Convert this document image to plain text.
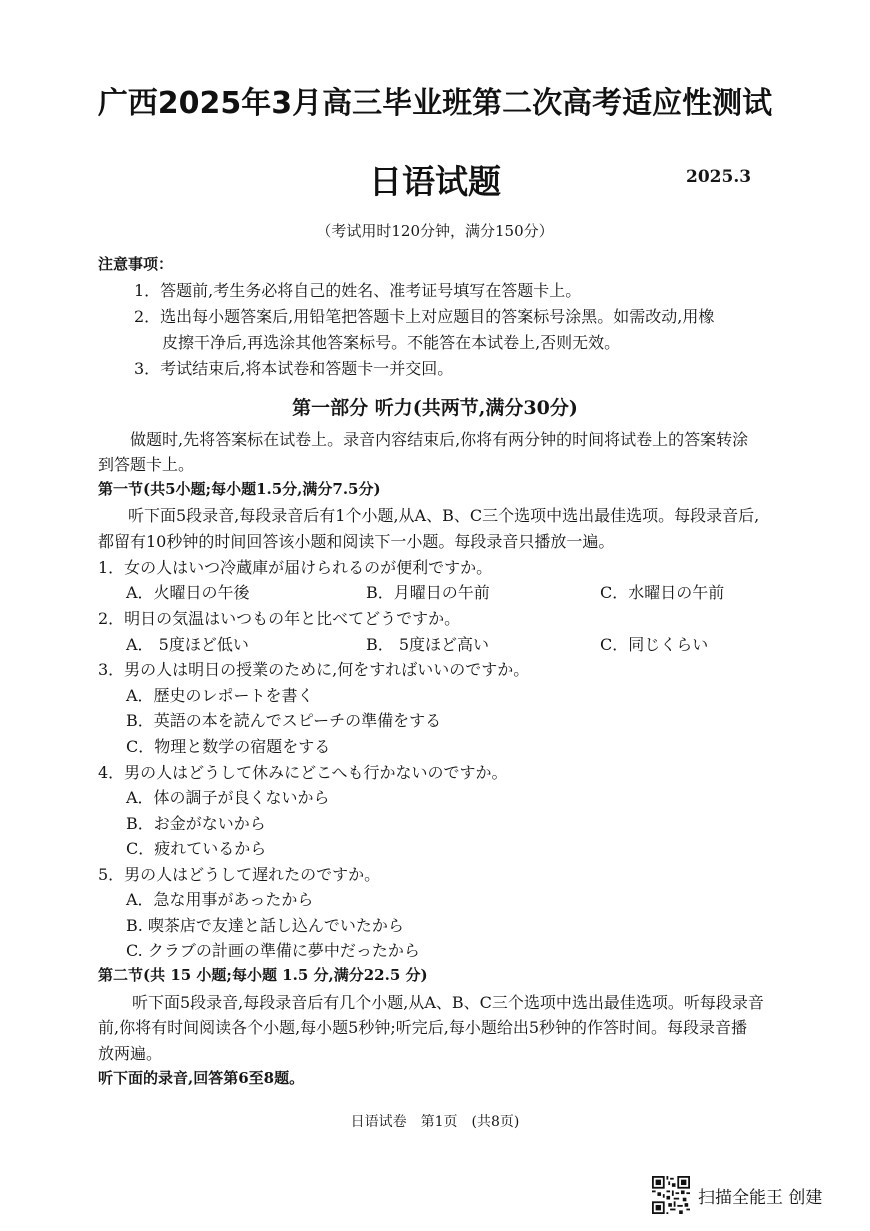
广西2025年3月高三毕业班第二次高考适应性测试
日语试题	2025.3
（考试用时120分钟，满分150分）
注意事项：
1．答题前,考生务必将自己的姓名、准考证号填写在答题卡上。
2．选出每小题答案后,用铅笔把答题卡上对应题目的答案标号涂黑。如需改动,用橡
皮擦干净后,再选涂其他答案标号。不能答在本试卷上,否则无效。
3．考试结束后,将本试卷和答题卡一并交回。
第一部分 听力(共两节,满分30分)
做题时,先将答案标在试卷上。录音内容结束后,你将有两分钟的时间将试卷上的答案转涂
到答题卡上。
第一节(共5小题;每小题1.5分,满分7.5分)
听下面5段录音,每段录音后有1个小题,从A、B、C三个选项中选出最佳选项。每段录音后,
都留有10秒钟的时间回答该小题和阅读下一小题。每段录音只播放一遍。
1．女の人はいつ冷蔵庫が届けられるのが便利ですか。
A．火曜日の午後	B．月曜日の午前	C．水曜日の午前
2．明日の気温はいつもの年と比べてどうですか。
A． 5度ほど低い	B． 5度ほど高い	C．同じくらい
3．男の人は明日の授業のために,何をすればいいのですか。
A．歴史のレポートを書く
B．英語の本を読んでスピーチの準備をする
C．物理と数学の宿題をする
4．男の人はどうして休みにどこへも行かないのですか。
A．体の調子が良くないから
B．お金がないから
C．疲れているから
5．男の人はどうして遅れたのですか。
A．急な用事があったから
B. 喫茶店で友達と話し込んでいたから
C. クラブの計画の準備に夢中だったから
第二节(共 15 小题;每小题 1.5 分,满分22.5 分)
听下面5段录音,每段录音后有几个小题,从A、B、C三个选项中选出最佳选项。听每段录音
前,你将有时间阅读各个小题,每小题5秒钟;听完后,每小题给出5秒钟的作答时间。每段录音播
放两遍。
听下面的录音,回答第6至8题。
日语试卷　第1页　(共8页)
扫描全能王 创建
